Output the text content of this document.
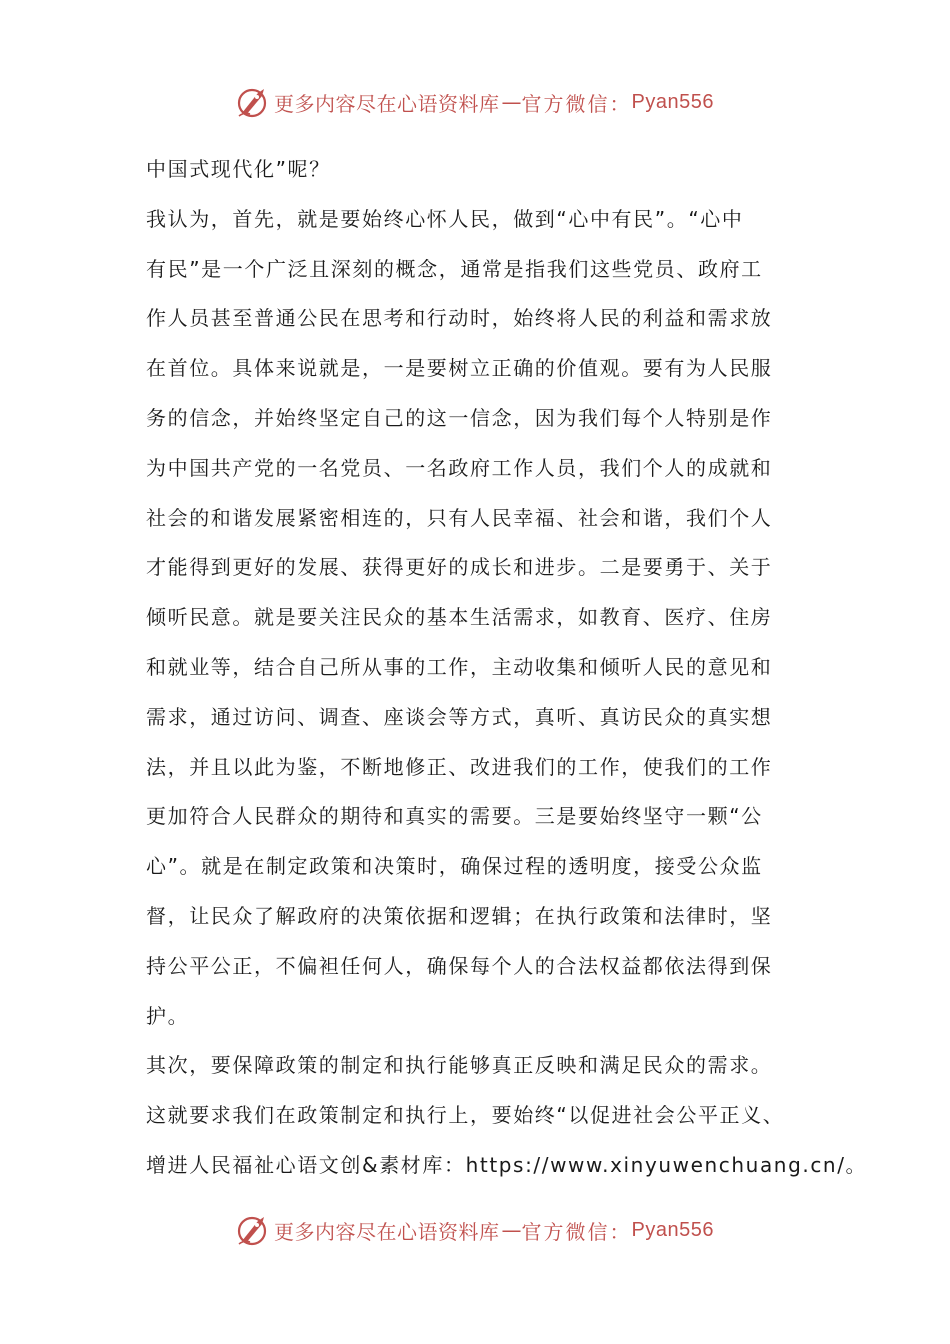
更多内容尽在心语资料库 — 官方微信： Pyan556
中国式现代化”呢？
我认为，首先，就是要始终心怀人民，做到“心中有民”。“心中
有民”是一个广泛且深刻的概念，通常是指我们这些党员、政府工
作人员甚至普通公民在思考和行动时，始终将人民的利益和需求放
在首位。具体来说就是，一是要树立正确的价值观。要有为人民服
务的信念，并始终坚定自己的这一信念，因为我们每个人特别是作
为中国共产党的一名党员、一名政府工作人员，我们个人的成就和
社会的和谐发展紧密相连的，只有人民幸福、社会和谐，我们个人
才能得到更好的发展、获得更好的成长和进步。二是要勇于、关于
倾听民意。就是要关注民众的基本生活需求，如教育、医疗、住房
和就业等，结合自己所从事的工作，主动收集和倾听人民的意见和
需求，通过访问、调查、座谈会等方式，真听、真访民众的真实想
法，并且以此为鉴，不断地修正、改进我们的工作，使我们的工作
更加符合人民群众的期待和真实的需要。三是要始终坚守一颗“公
心”。就是在制定政策和决策时，确保过程的透明度，接受公众监
督，让民众了解政府的决策依据和逻辑；在执行政策和法律时，坚
持公平公正，不偏袒任何人，确保每个人的合法权益都依法得到保
护。
其次，要保障政策的制定和执行能够真正反映和满足民众的需求。
这就要求我们在政策制定和执行上，要始终“以促进社会公平正义、
增进人民福祉心语文创&素材库：https://www.xinyuwenchuang.cn/。
更多内容尽在心语资料库 — 官方微信： Pyan556
